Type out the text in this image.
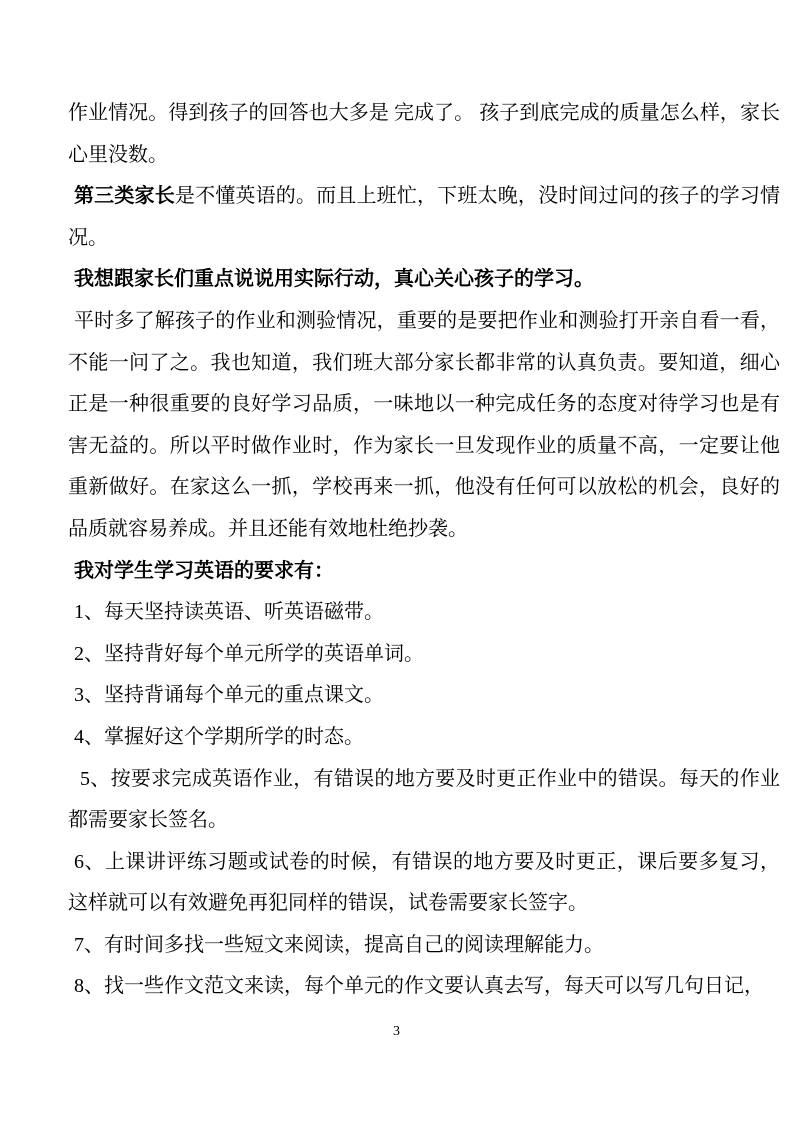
作业情况。得到孩子的回答也大多是 完成了。 孩子到底完成的质量怎么样，家长心里没数。

第三类家长是不懂英语的。而且上班忙，下班太晚，没时间过问的孩子的学习情况。

我想跟家长们重点说说用实际行动，真心关心孩子的学习。

平时多了解孩子的作业和测验情况，重要的是要把作业和测验打开亲自看一看，不能一问了之。我也知道，我们班大部分家长都非常的认真负责。要知道，细心正是一种很重要的良好学习品质，一味地以一种完成任务的态度对待学习也是有害无益的。所以平时做作业时，作为家长一旦发现作业的质量不高，一定要让他重新做好。在家这么一抓，学校再来一抓，他没有任何可以放松的机会，良好的品质就容易养成。并且还能有效地杜绝抄袭。

我对学生学习英语的要求有：

1、每天坚持读英语、听英语磁带。

2、坚持背好每个单元所学的英语单词。

3、坚持背诵每个单元的重点课文。

4、掌握好这个学期所学的时态。

5、按要求完成英语作业，有错误的地方要及时更正作业中的错误。每天的作业都需要家长签名。

6、上课讲评练习题或试卷的时候，有错误的地方要及时更正，课后要多复习，这样就可以有效避免再犯同样的错误，试卷需要家长签字。

7、有时间多找一些短文来阅读，提高自己的阅读理解能力。

8、找一些作文范文来读，每个单元的作文要认真去写，每天可以写几句日记，

3
